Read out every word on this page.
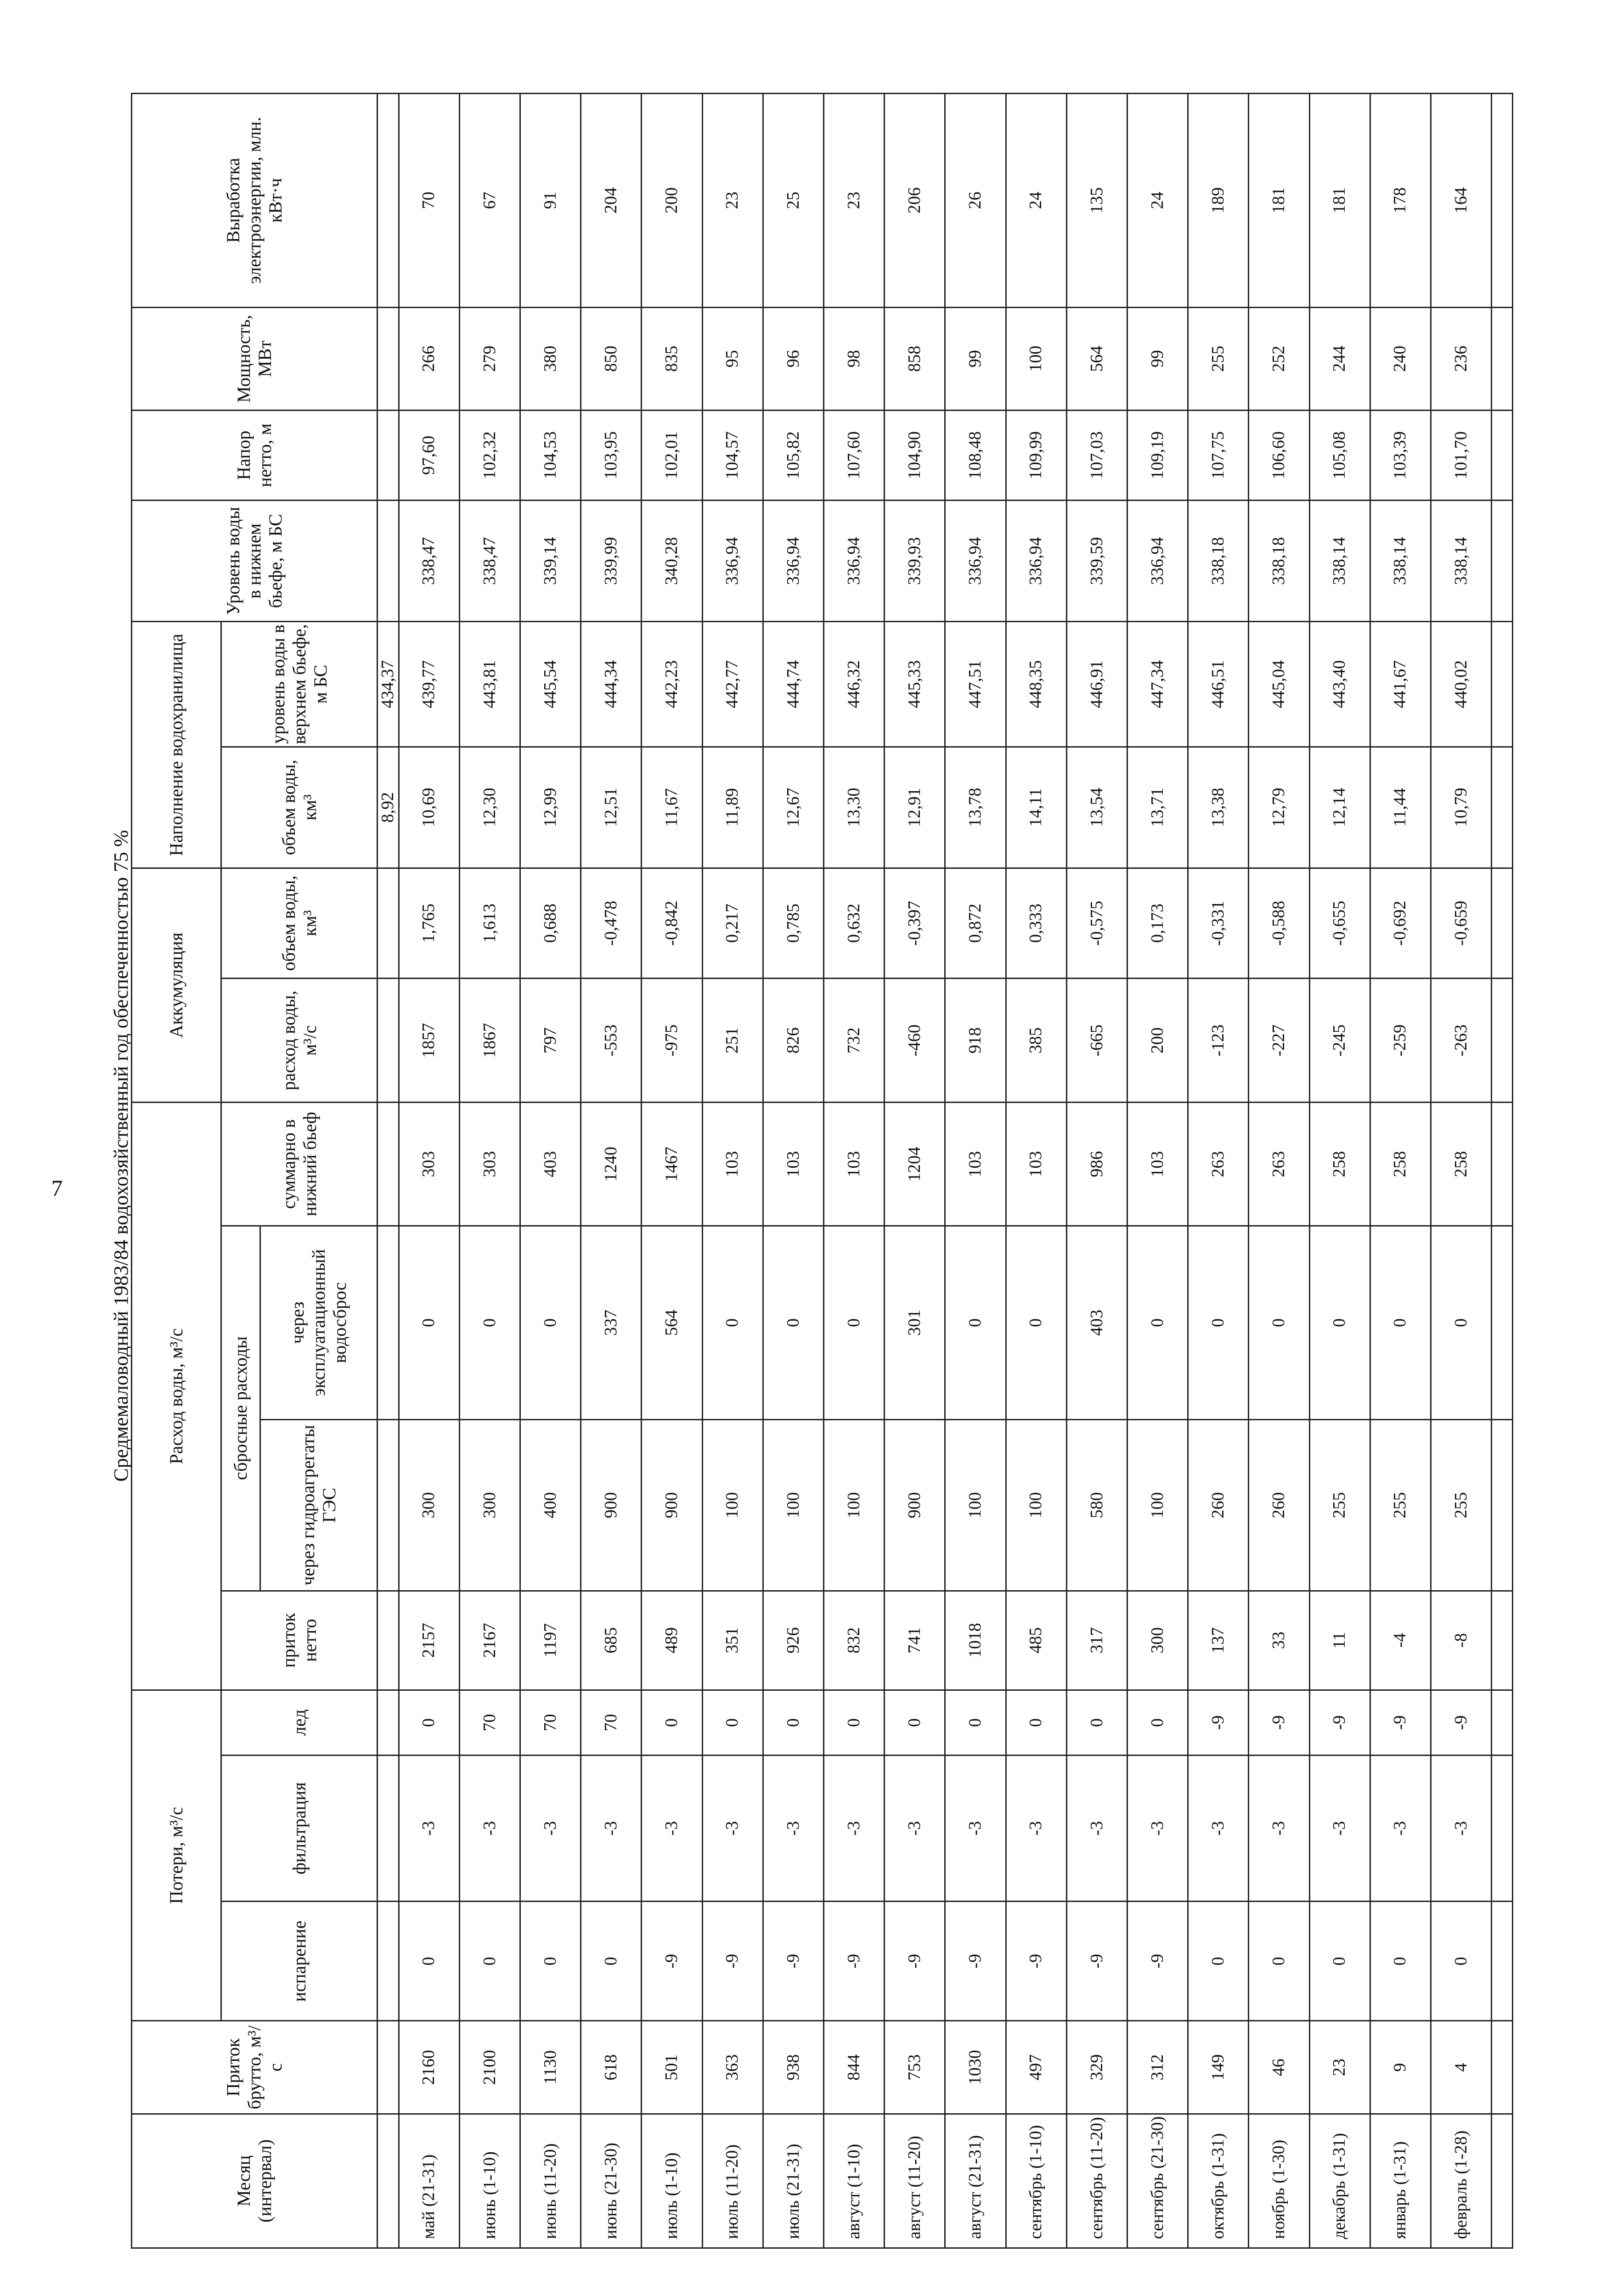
7 Средмемаловодный 1983/84 водохозяйственный год обеспеченностью 75 %
Месяц (интервал)	Приток брутто, м³/с	Потери, м³/с			Расход воды, м³/с				Аккумуляция		Наполнение водохранилища		Уровень воды в нижнем бьефе, м БС	Напор нетто, м	Мощность, МВт	Выработка электроэнергии, млн. кВт·ч
		испарение	фильтрация	лед	приток нетто	сбросные расходы		суммарно в нижний бьеф	расход воды, м³/с	объем воды, км³	объем воды, км³	уровень воды в верхнем бьефе, м БС				
						через гидроагрегаты ГЭС	через эксплуатационный водосброс									
											8,92	434,37				
май (21-31)	2160	0	-3	0	2157	300	0	303	1857	1,765	10,69	439,77	338,47	97,60	266	70
июнь (1-10)	2100	0	-3	70	2167	300	0	303	1867	1,613	12,30	443,81	338,47	102,32	279	67
июнь (11-20)	1130	0	-3	70	1197	400	0	403	797	0,688	12,99	445,54	339,14	104,53	380	91
июнь (21-30)	618	0	-3	70	685	900	337	1240	-553	-0,478	12,51	444,34	339,99	103,95	850	204
июль (1-10)	501	-9	-3	0	489	900	564	1467	-975	-0,842	11,67	442,23	340,28	102,01	835	200
июль (11-20)	363	-9	-3	0	351	100	0	103	251	0,217	11,89	442,77	336,94	104,57	95	23
июль (21-31)	938	-9	-3	0	926	100	0	103	826	0,785	12,67	444,74	336,94	105,82	96	25
август (1-10)	844	-9	-3	0	832	100	0	103	732	0,632	13,30	446,32	336,94	107,60	98	23
август (11-20)	753	-9	-3	0	741	900	301	1204	-460	-0,397	12,91	445,33	339,93	104,90	858	206
август (21-31)	1030	-9	-3	0	1018	100	0	103	918	0,872	13,78	447,51	336,94	108,48	99	26
сентябрь (1-10)	497	-9	-3	0	485	100	0	103	385	0,333	14,11	448,35	336,94	109,99	100	24
сентябрь (11-20)	329	-9	-3	0	317	580	403	986	-665	-0,575	13,54	446,91	339,59	107,03	564	135
сентябрь (21-30)	312	-9	-3	0	300	100	0	103	200	0,173	13,71	447,34	336,94	109,19	99	24
октябрь (1-31)	149	0	-3	-9	137	260	0	263	-123	-0,331	13,38	446,51	338,18	107,75	255	189
ноябрь (1-30)	46	0	-3	-9	33	260	0	263	-227	-0,588	12,79	445,04	338,18	106,60	252	181
декабрь (1-31)	23	0	-3	-9	11	255	0	258	-245	-0,655	12,14	443,40	338,14	105,08	244	181
январь (1-31)	9	0	-3	-9	-4	255	0	258	-259	-0,692	11,44	441,67	338,14	103,39	240	178
февраль (1-28)	4	0	-3	-9	-8	255	0	258	-263	-0,659	10,79	440,02	338,14	101,70	236	164
